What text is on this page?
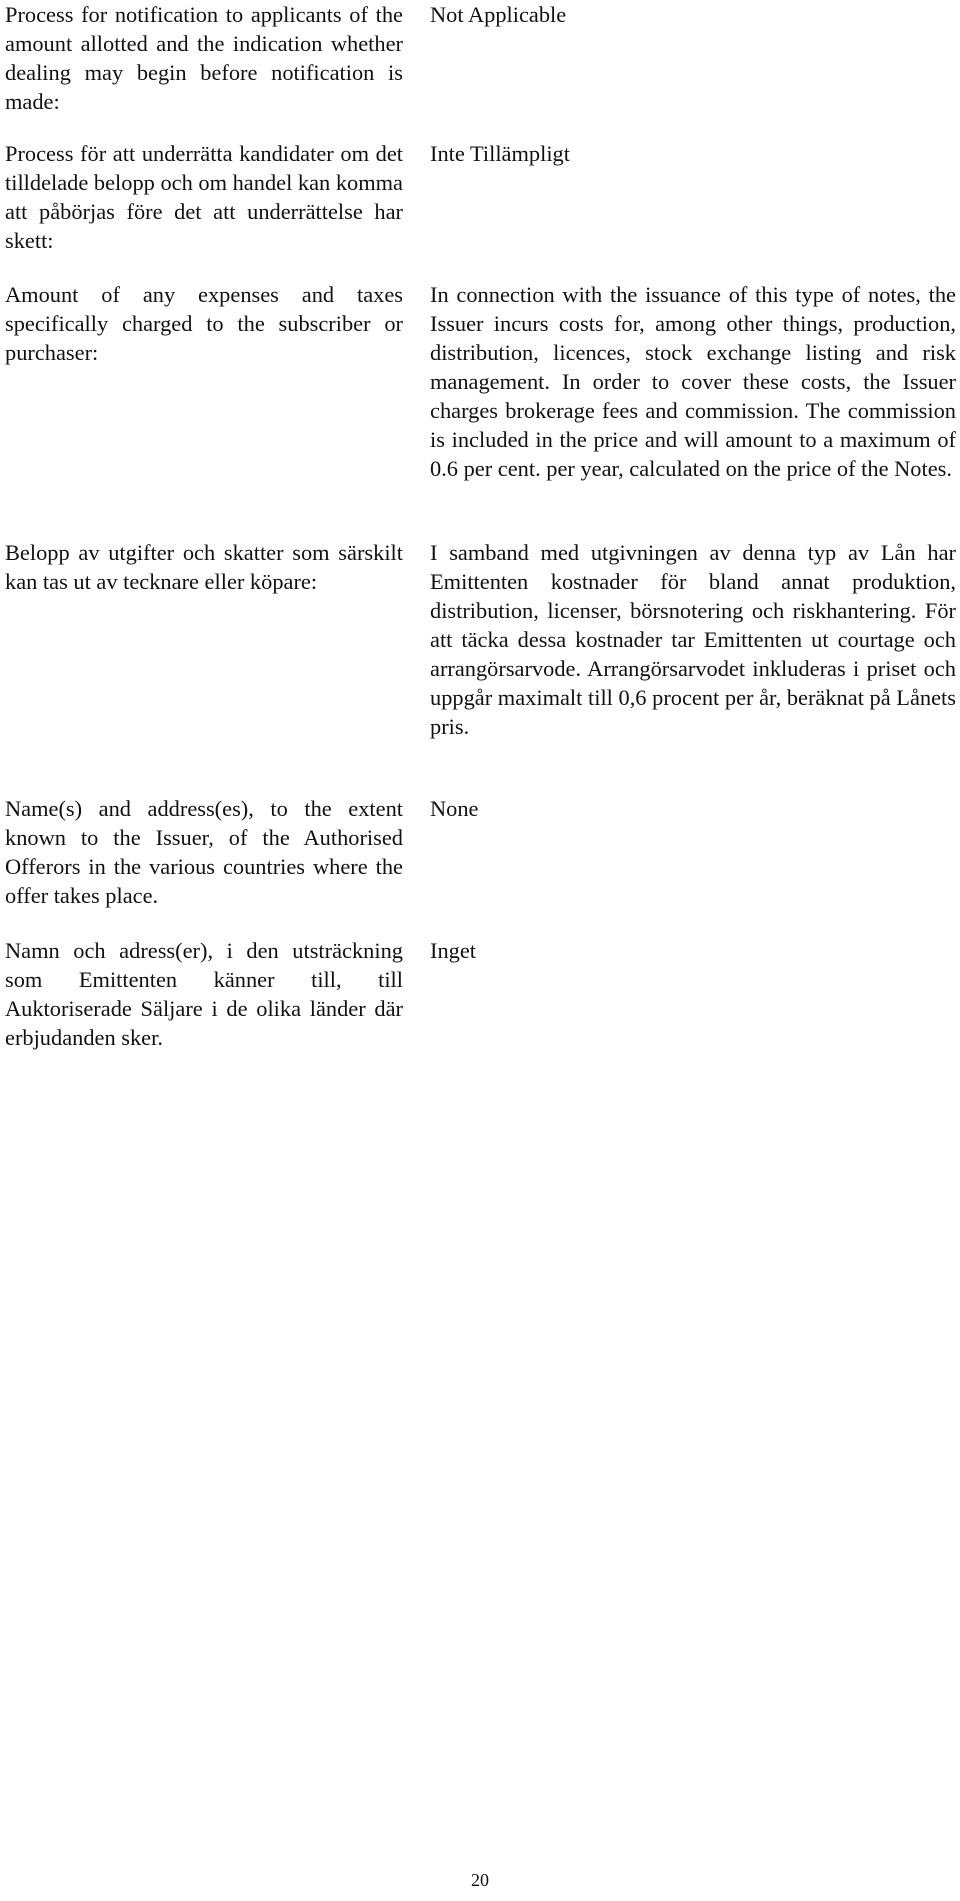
Process for notification to applicants of the amount allotted and the indication whether dealing may begin before notification is made:

Not Applicable

Process för att underrätta kandidater om det tilldelade belopp och om handel kan komma att påbörjas före det att underrättelse har skett:

Inte Tillämpligt

Amount of any expenses and taxes specifically charged to the subscriber or purchaser:

In connection with the issuance of this type of notes, the Issuer incurs costs for, among other things, production, distribution, licences, stock exchange listing and risk management. In order to cover these costs, the Issuer charges brokerage fees and commission. The commission is included in the price and will amount to a maximum of 0.6 per cent. per year, calculated on the price of the Notes.

Belopp av utgifter och skatter som särskilt kan tas ut av tecknare eller köpare:

I samband med utgivningen av denna typ av Lån har Emittenten kostnader för bland annat produktion, distribution, licenser, börsnotering och riskhantering. För att täcka dessa kostnader tar Emittenten ut courtage och arrangörsarvode. Arrangörsarvodet inkluderas i priset och uppgår maximalt till 0,6 procent per år, beräknat på Lånets pris.

Name(s) and address(es), to the extent known to the Issuer, of the Authorised Offerors in the various countries where the offer takes place.

None

Namn och adress(er), i den utsträckning som Emittenten känner till, till Auktoriserade Säljare i de olika länder där erbjudanden sker.

Inget

20
